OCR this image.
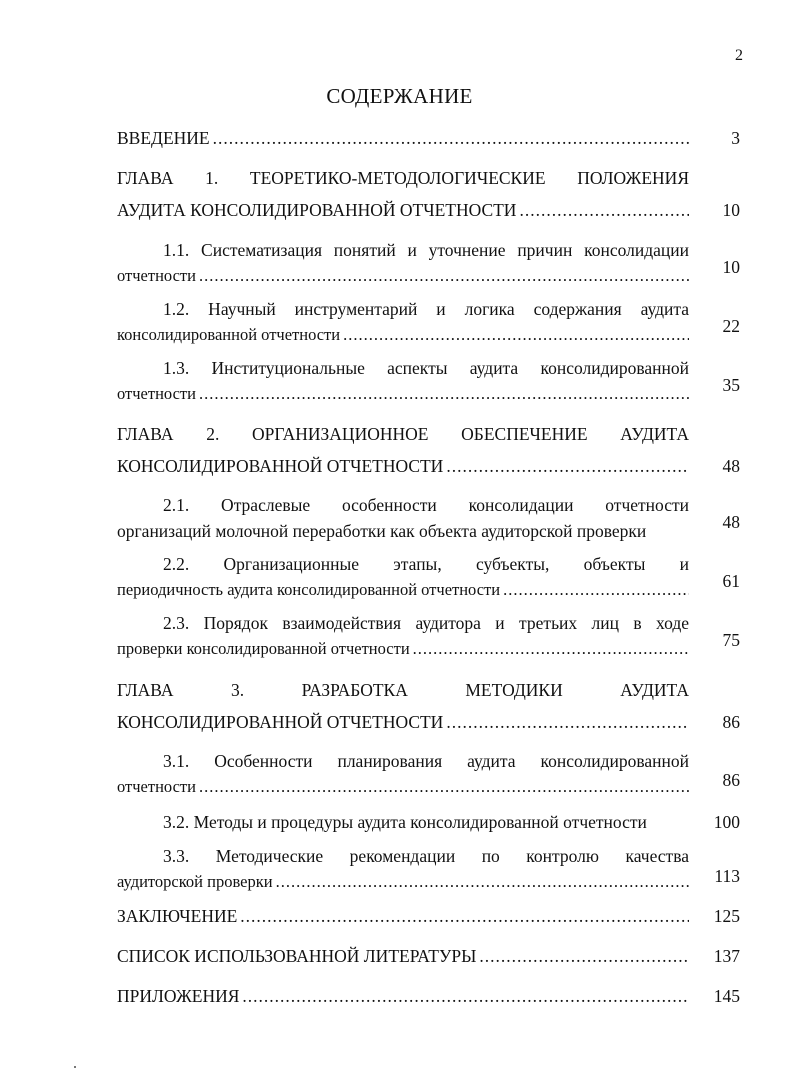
2
СОДЕРЖАНИЕ
ВВЕДЕНИЕ .....	3
ГЛАВА 1. ТЕОРЕТИКО-МЕТОДОЛОГИЧЕСКИЕ ПОЛОЖЕНИЯ
АУДИТА КОНСОЛИДИРОВАННОЙ ОТЧЕТНОСТИ .....	10
1.1. Систематизация понятий и уточнение причин консолидации
отчетности .....	10
1.2. Научный инструментарий и логика содержания аудита
консолидированной отчетности .....	22
1.3. Институциональные аспекты аудита консолидированной
отчетности .....	35
ГЛАВА 2. ОРГАНИЗАЦИОННОЕ ОБЕСПЕЧЕНИЕ АУДИТА
КОНСОЛИДИРОВАННОЙ ОТЧЕТНОСТИ .....	48
2.1. Отраслевые особенности консолидации отчетности
организаций молочной переработки как объекта аудиторской проверки	48
2.2. Организационные этапы, субъекты, объекты и
периодичность аудита консолидированной отчетности .....	61
2.3. Порядок взаимодействия аудитора и третьих лиц в ходе
проверки консолидированной отчетности .....	75
ГЛАВА 3. РАЗРАБОТКА МЕТОДИКИ АУДИТА
КОНСОЛИДИРОВАННОЙ ОТЧЕТНОСТИ .....	86
3.1. Особенности планирования аудита консолидированной
отчетности .....	86
3.2. Методы и процедуры аудита консолидированной отчетности	100
3.3. Методические рекомендации по контролю качества
аудиторской проверки .....	113
ЗАКЛЮЧЕНИЕ .....	125
СПИСОК ИСПОЛЬЗОВАННОЙ ЛИТЕРАТУРЫ .....	137
ПРИЛОЖЕНИЯ .....	145
